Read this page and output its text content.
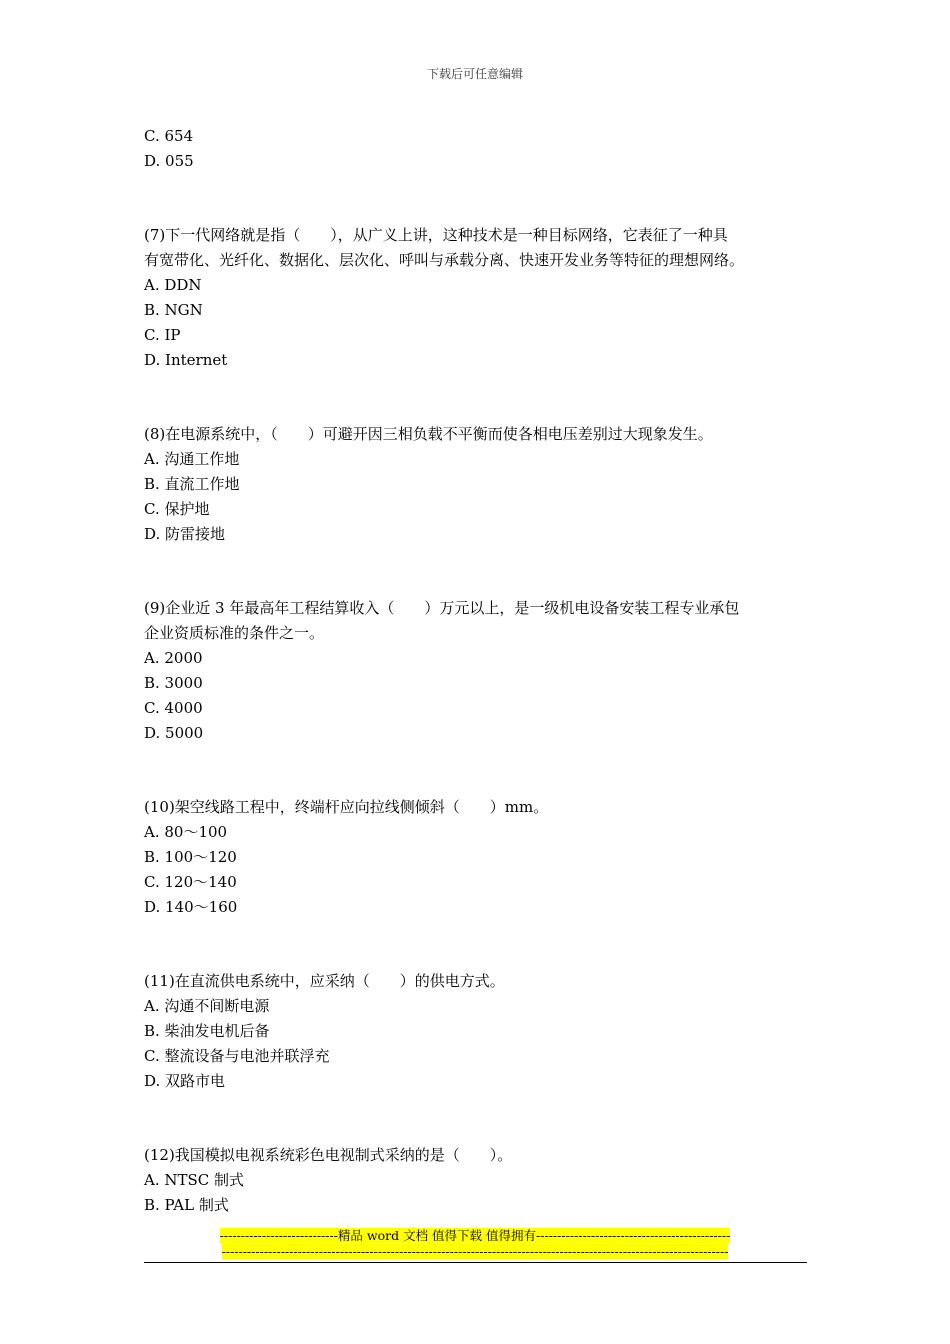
下载后可任意编辑
C. 654
D. 055
(7)下一代网络就是指（　　），从广义上讲，这种技术是一种目标网络，它表征了一种具
有宽带化、光纤化、数据化、层次化、呼叫与承载分离、快速开发业务等特征的理想网络。
A. DDN
B. NGN
C. IP
D. Internet
(8)在电源系统中，（　　）可避开因三相负载不平衡而使各相电压差别过大现象发生。
A. 沟通工作地
B. 直流工作地
C. 保护地
D. 防雷接地
(9)企业近 3 年最高年工程结算收入（　　）万元以上，是一级机电设备安装工程专业承包
企业资质标准的条件之一。
A. 2000
B. 3000
C. 4000
D. 5000
(10)架空线路工程中，终端杆应向拉线侧倾斜（　　）mm。
A. 80～100
B. 100～120
C. 120～140
D. 140～160
(11)在直流供电系统中，应采纳（　　）的供电方式。
A. 沟通不间断电源
B. 柴油发电机后备
C. 整流设备与电池并联浮充
D. 双路市电
(12)我国模拟电视系统彩色电视制式采纳的是（　　）。
A. NTSC 制式
B. PAL 制式
----------------------------精品 word 文档 值得下载 值得拥有----------------------------------------------
------------------------------------------------------------------------------------------------------------------------
